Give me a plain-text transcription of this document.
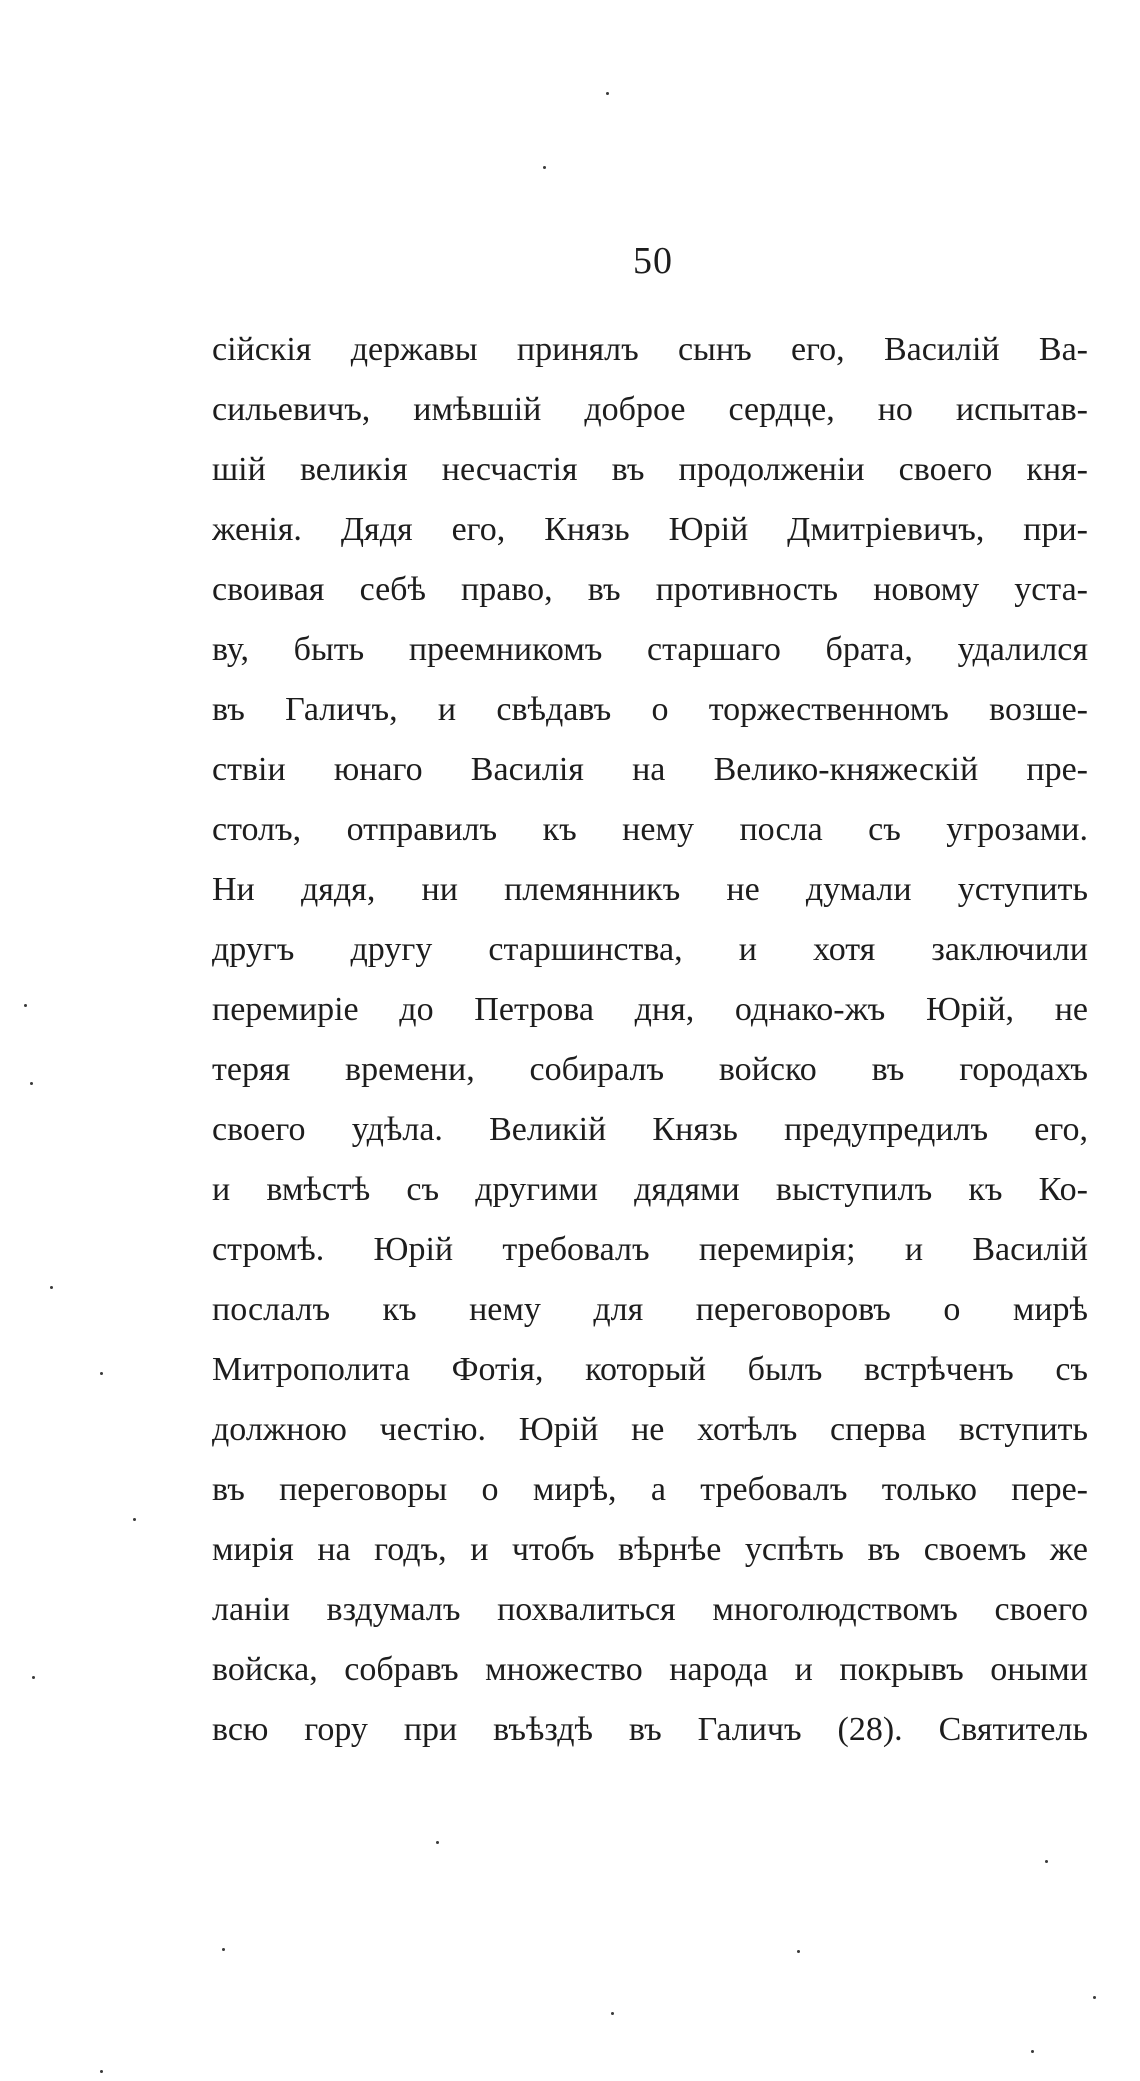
50
сійскія державы принялъ сынъ его, Василій Ва-
сильевичъ, имѣвшій доброе сердце, но испытав-
шій великія несчастія въ продолженіи своего кня-
женія. Дядя его, Князь Юрій Дмитріевичъ, при-
своивая себѣ право, въ противность новому уста-
ву, быть преемникомъ старшаго брата, удалился
въ Галичъ, и свѣдавъ о торжественномъ возше-
ствіи юнаго Василія на Велико-княжескій пре-
столъ, отправилъ къ нему посла съ угрозами.
Ни дядя, ни племянникъ не думали уступить
другъ другу старшинства, и хотя заключили
перемиріе до Петрова дня, однако-жъ Юрій, не
теряя времени, собиралъ войско въ городахъ
своего удѣла. Великій Князь предупредилъ его,
и вмѣстѣ съ другими дядями выступилъ къ Ко-
стромѣ. Юрій требовалъ перемирія; и Василій
послалъ къ нему для переговоровъ о мирѣ
Митрополита Фотія, который былъ встрѣченъ съ
должною честію. Юрій не хотѣлъ сперва вступить
въ переговоры о мирѣ, а требовалъ только пере-
мирія на годъ, и чтобъ вѣрнѣе успѣть въ своемъ же
ланіи вздумалъ похвалиться многолюдствомъ своего
войска, собравъ множество народа и покрывъ оными
всю гору при въѣздѣ въ Галичъ (28). Святитель
